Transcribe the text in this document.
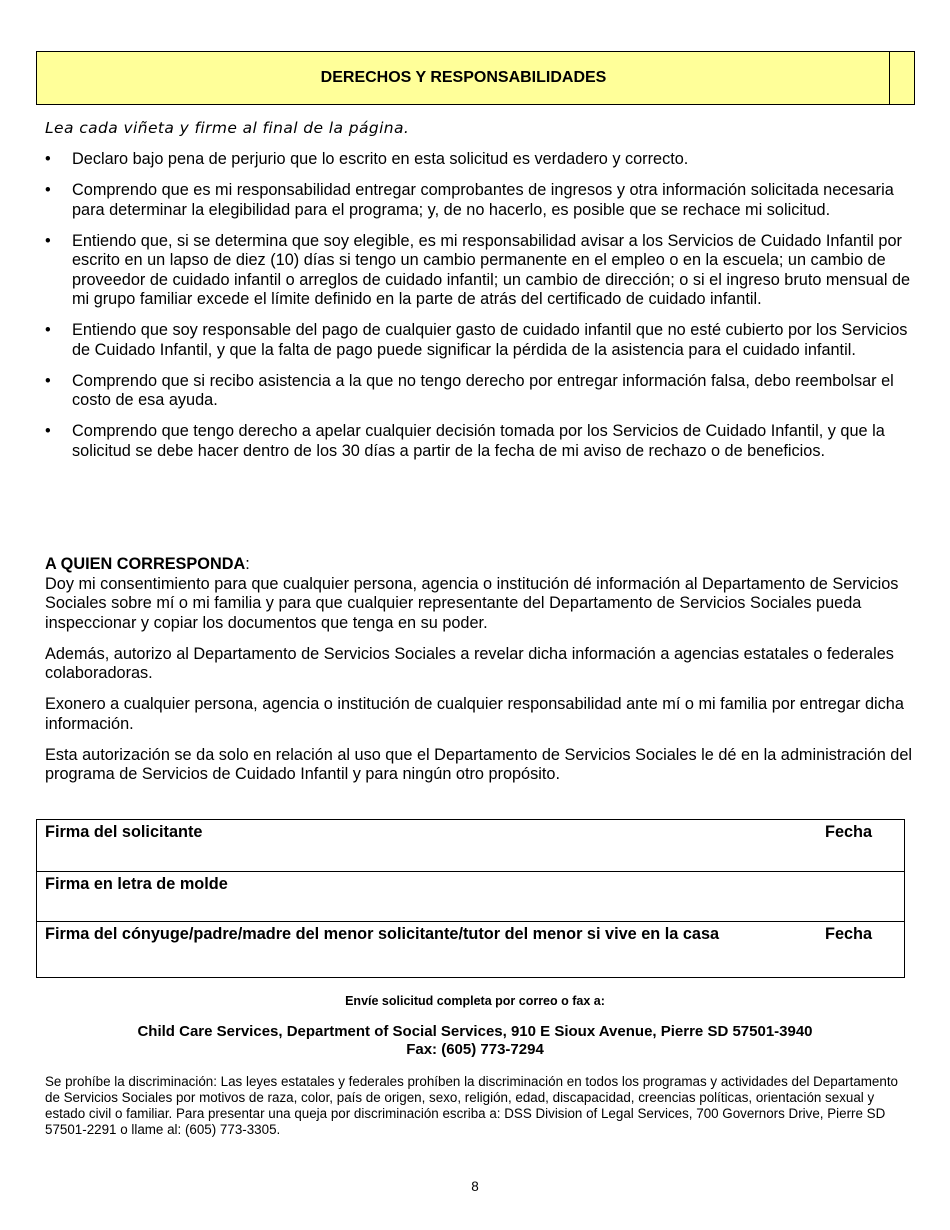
DERECHOS Y RESPONSABILIDADES
Lea cada viñeta y firme al final de la página.
• Declaro bajo pena de perjurio que lo escrito en esta solicitud es verdadero y correcto.
• Comprendo que es mi responsabilidad entregar comprobantes de ingresos y otra información solicitada necesaria para determinar la elegibilidad para el programa; y, de no hacerlo, es posible que se rechace mi solicitud.
• Entiendo que, si se determina que soy elegible, es mi responsabilidad avisar a los Servicios de Cuidado Infantil por escrito en un lapso de diez (10) días si tengo un cambio permanente en el empleo o en la escuela; un cambio de proveedor de cuidado infantil o arreglos de cuidado infantil; un cambio de dirección; o si el ingreso bruto mensual de mi grupo familiar excede el límite definido en la parte de atrás del certificado de cuidado infantil.
• Entiendo que soy responsable del pago de cualquier gasto de cuidado infantil que no esté cubierto por los Servicios de Cuidado Infantil, y que la falta de pago puede significar la pérdida de la asistencia para el cuidado infantil.
• Comprendo que si recibo asistencia a la que no tengo derecho por entregar información falsa, debo reembolsar el costo de esa ayuda.
• Comprendo que tengo derecho a apelar cualquier decisión tomada por los Servicios de Cuidado Infantil, y que la solicitud se debe hacer dentro de los 30 días a partir de la fecha de mi aviso de rechazo o de beneficios.
A QUIEN CORRESPONDA:

Doy mi consentimiento para que cualquier persona, agencia o institución dé información al Departamento de Servicios Sociales sobre mí o mi familia y para que cualquier representante del Departamento de Servicios Sociales pueda inspeccionar y copiar los documentos que tenga en su poder.

Además, autorizo al Departamento de Servicios Sociales a revelar dicha información a agencias estatales o federales colaboradoras.

Exonero a cualquier persona, agencia o institución de cualquier responsabilidad ante mí o mi familia por entregar dicha información.

Esta autorización se da solo en relación al uso que el Departamento de Servicios Sociales le dé en la administración del programa de Servicios de Cuidado Infantil y para ningún otro propósito.

Firma del solicitante	Fecha
Firma en letra de molde
Firma del cónyuge/padre/madre del menor solicitante/tutor del menor si vive en la casa	Fecha
Envíe solicitud completa por correo o fax a:
Child Care Services, Department of Social Services, 910 E Sioux Avenue, Pierre SD 57501-3940
Fax: (605) 773-7294
Se prohíbe la discriminación: Las leyes estatales y federales prohíben la discriminación en todos los programas y actividades del Departamento de Servicios Sociales por motivos de raza, color, país de origen, sexo, religión, edad, discapacidad, creencias políticas, orientación sexual y estado civil o familiar. Para presentar una queja por discriminación escriba a: DSS Division of Legal Services, 700 Governors Drive, Pierre SD 57501-2291 o llame al: (605) 773-3305.
8
